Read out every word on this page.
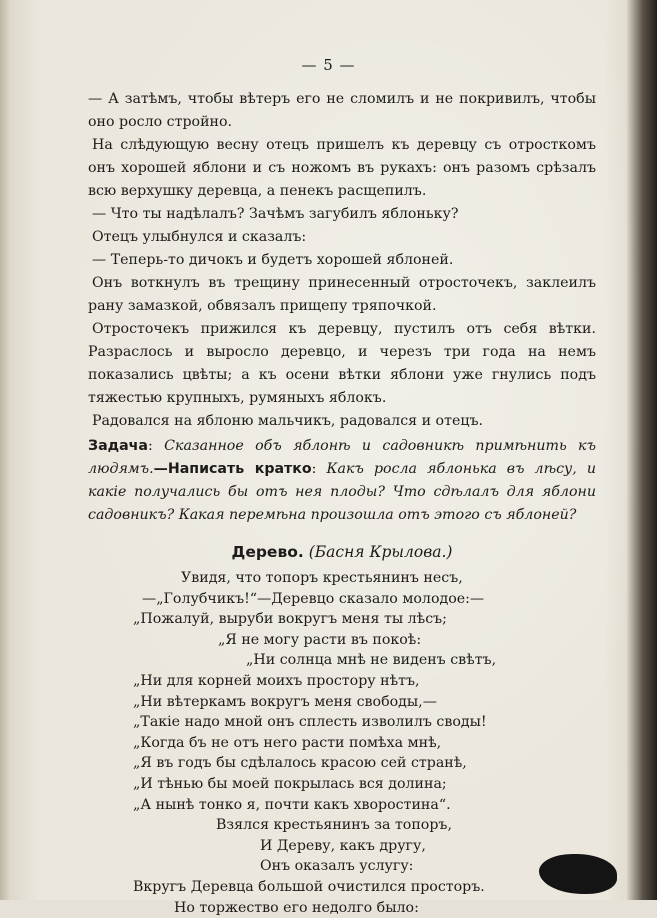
— 5 —

— А затѣмъ, чтобы вѣтеръ его не сломилъ и не покривилъ, чтобы оно росло стройно.

На слѣдующую весну отецъ пришелъ къ деревцу съ отросткомъ онъ хорошей яблони и съ ножомъ въ рукахъ: онъ разомъ срѣзалъ всю верхушку деревца, а пенекъ расщепилъ.

— Что ты надѣлалъ? Зачѣмъ загубилъ яблоньку?

Отецъ улыбнулся и сказалъ:

— Теперь-то дичокъ и будетъ хорошей яблоней.

Онъ воткнулъ въ трещину принесенный отросточекъ, заклеилъ рану замазкой, обвязалъ прищепу тряпочкой.

Отросточекъ прижился къ деревцу, пустилъ отъ себя вѣтки. Разраслось и выросло деревцо, и черезъ три года на немъ показались цвѣты; а къ осени вѣтки яблони уже гнулись подъ тяжестью крупныхъ, румяныхъ яблокъ.

Радовался на яблоню мальчикъ, радовался и отецъ.

Задача: Сказанное объ яблонѣ и садовникѣ примѣнить къ людямъ.—Написать кратко: Какъ росла яблонька въ лѣсу, и какіе получались бы отъ нея плоды? Что сдѣлалъ для яблони садовникъ? Какая перемѣна произошла отъ этого съ яблоней?

Дерево. (Басня Крылова.)
Увидя, что топоръ крестьянинъ несъ,
—„Голубчикъ!“—Деревцо сказало молодое:—
„Пожалуй, выруби вокругъ меня ты лѣсъ;
„Я не могу расти въ покоѣ:
„Ни солнца мнѣ не виденъ свѣтъ,
„Ни для корней моихъ простору нѣтъ,
„Ни вѣтеркамъ вокругъ меня свободы,—
„Такіе надо мной онъ сплесть изволилъ своды!
„Когда бъ не отъ него расти помѣха мнѣ,
„Я въ годъ бы сдѣлалось красою сей странѣ,
„И тѣнью бы моей покрылась вся долина;
„А нынѣ тонко я, почти какъ хворостина“.
Взялся крестьянинъ за топоръ,
И Дереву, какъ другу,
Онъ оказалъ услугу:
Вкругъ Деревца большой очистился просторъ.
Но торжество его недолго было:
